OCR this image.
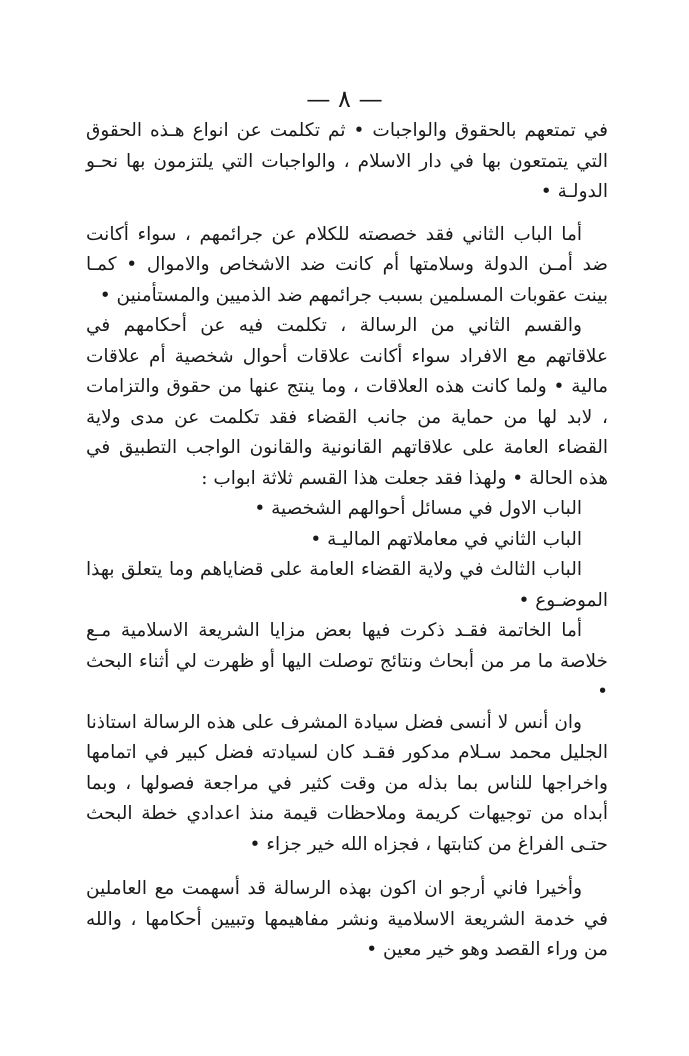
— ٨ —

في تمتعهم بالحقوق والواجبات • ثم تكلمت عن انواع هـذه الحقوق التي يتمتعون بها في دار الاسلام ، والواجبات التي يلتزمون بها نحـو الدولـة •

أما الباب الثاني فقد خصصته للكلام عن جرائمهم ، سواء أكانت ضد أمـن الدولة وسلامتها أم كانت ضد الاشخاص والاموال • كمـا بينت عقوبات المسلمين بسبب جرائمهم ضد الذميين والمستأمنين •

والقسم الثاني من الرسالة ، تكلمت فيه عن أحكامهم في علاقاتهم مع الافراد سواء أكانت علاقات أحوال شخصية أم علاقات مالية • ولما كانت هذه العلاقات ، وما ينتج عنها من حقوق والتزامات ، لابد لها من حماية من جانب القضاء فقد تكلمت عن مدى ولاية القضاء العامة على علاقاتهم القانونية والقانون الواجب التطبيق في هذه الحالة • ولهذا فقد جعلت هذا القسم ثلاثة ابواب :

الباب الاول في مسائل أحوالهم الشخصية •

الباب الثاني في معاملاتهم الماليـة •

الباب الثالث في ولاية القضاء العامة على قضاياهم وما يتعلق بهذا الموضـوع •

أما الخاتمة فقـد ذكرت فيها بعض مزايا الشريعة الاسلامية مـع خلاصة ما مر من أبحاث ونتائج توصلت اليها أو ظهرت لي أثناء البحث •

وان أنس لا أنسى فضل سيادة المشرف على هذه الرسالة استاذنا الجليل محمد سـلام مدكور فقـد كان لسيادته فضل كبير في اتمامها واخراجها للناس بما بذله من وقت كثير في مراجعة فصولها ، وبما أبداه من توجيهات كريمة وملاحظات قيمة منذ اعدادي خطة البحث حتـى الفراغ من كتابتها ، فجزاه الله خير جزاء •

وأخيرا فاني أرجو ان اكون بهذه الرسالة قد أسهمت مع العاملين في خدمة الشريعة الاسلامية ونشر مفاهيمها وتبيين أحكامها ، والله من وراء القصد وهو خير معين •
